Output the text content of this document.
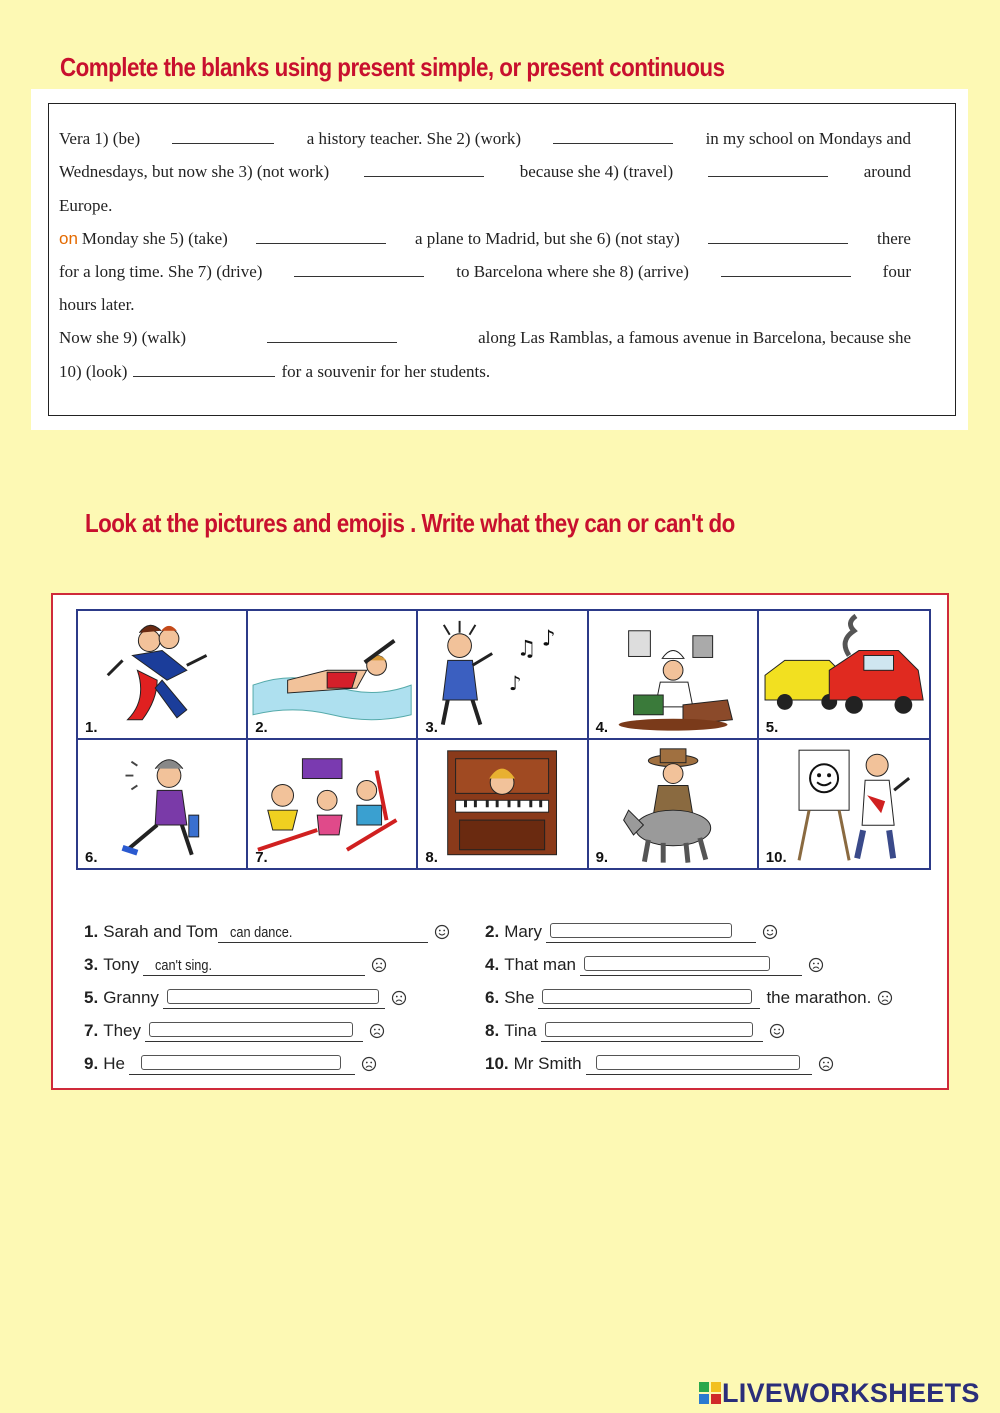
Complete the blanks using present simple, or present continuous
Vera 1) (be)	a history teacher. She 2) (work)	in my school on Mondays and
Wednesdays, but now she 3) (not work)	because she 4) (travel)	around
Europe.
on Monday she 5) (take)	a plane to Madrid, but she 6) (not stay)	there
for a long time. She 7) (drive)	to Barcelona where she 8) (arrive)	four
hours later.
Now she 9) (walk)	along Las Ramblas, a famous avenue in Barcelona, because she
10) (look)	for a souvenir for her students.
Look at the pictures and emojis . Write what they can or can't do
1.	2.
♫ ♪
♪
3.	4.	5.
6.	7.	8.	9.	10.
1. Sarah and Tom can dance.	2. Mary
3. Tony can't sing.	4. That man
5. Granny	6. She	the marathon.
7. They	8. Tina
9. He	10. Mr Smith
LIVEWORKSHEETS
